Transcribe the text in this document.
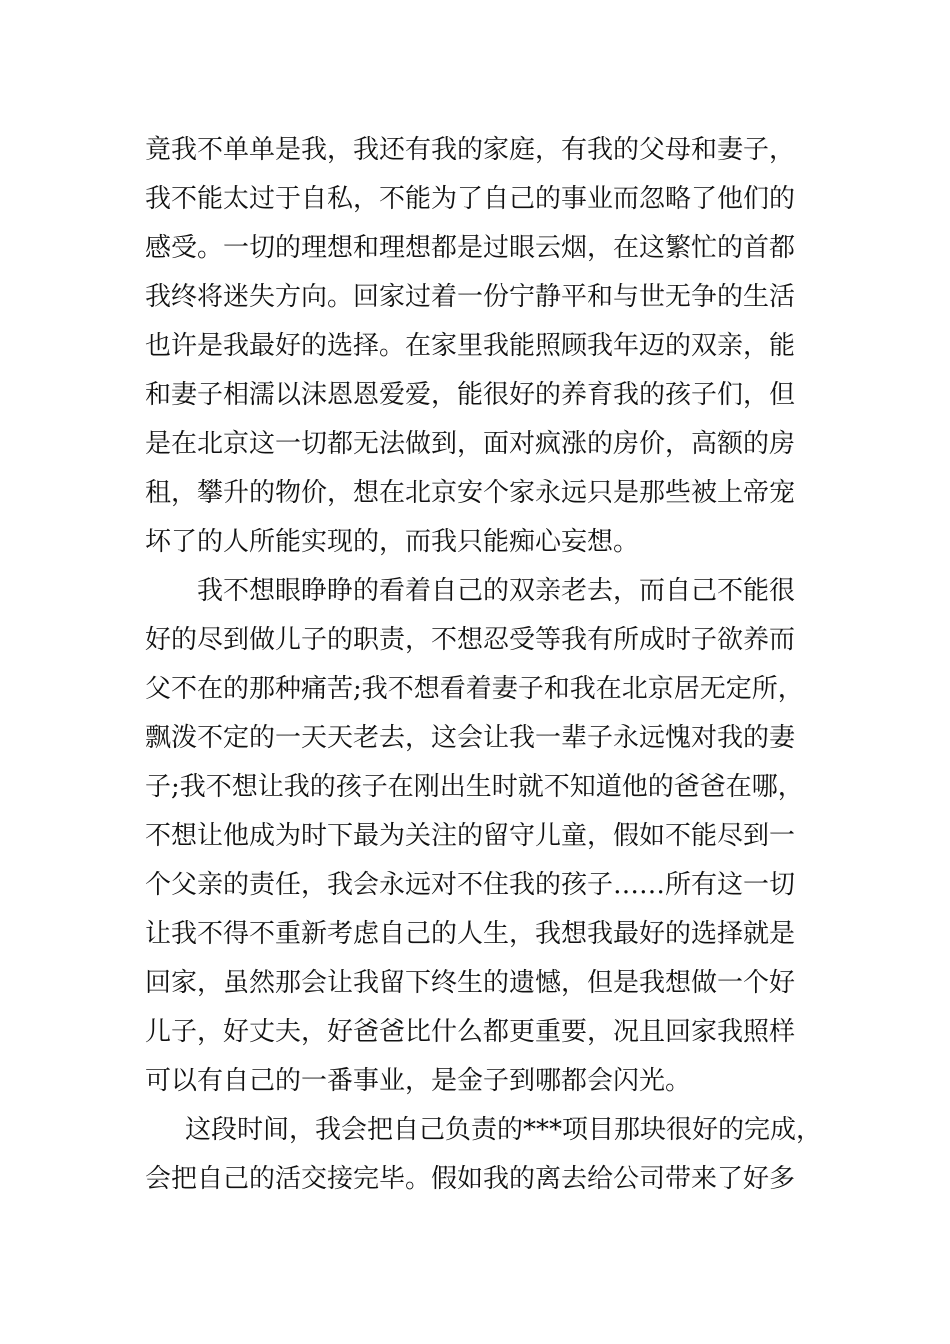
竟我不单单是我，我还有我的家庭，有我的父母和妻子，
我不能太过于自私，不能为了自己的事业而忽略了他们的
感受。一切的理想和理想都是过眼云烟，在这繁忙的首都
我终将迷失方向。回家过着一份宁静平和与世无争的生活
也许是我最好的选择。在家里我能照顾我年迈的双亲，能
和妻子相濡以沫恩恩爱爱，能很好的养育我的孩子们，但
是在北京这一切都无法做到，面对疯涨的房价，高额的房
租，攀升的物价，想在北京安个家永远只是那些被上帝宠
坏了的人所能实现的，而我只能痴心妄想。
我不想眼睁睁的看着自己的双亲老去，而自己不能很
好的尽到做儿子的职责，不想忍受等我有所成时子欲养而
父不在的那种痛苦;我不想看着妻子和我在北京居无定所，
飘泼不定的一天天老去，这会让我一辈子永远愧对我的妻
子;我不想让我的孩子在刚出生时就不知道他的爸爸在哪，
不想让他成为时下最为关注的留守儿童，假如不能尽到一
个父亲的责任，我会永远对不住我的孩子……所有这一切
让我不得不重新考虑自己的人生，我想我最好的选择就是
回家，虽然那会让我留下终生的遗憾，但是我想做一个好
儿子，好丈夫，好爸爸比什么都更重要，况且回家我照样
可以有自己的一番事业，是金子到哪都会闪光。
这段时间，我会把自己负责的***项目那块很好的完成，
会把自己的活交接完毕。假如我的离去给公司带来了好多
